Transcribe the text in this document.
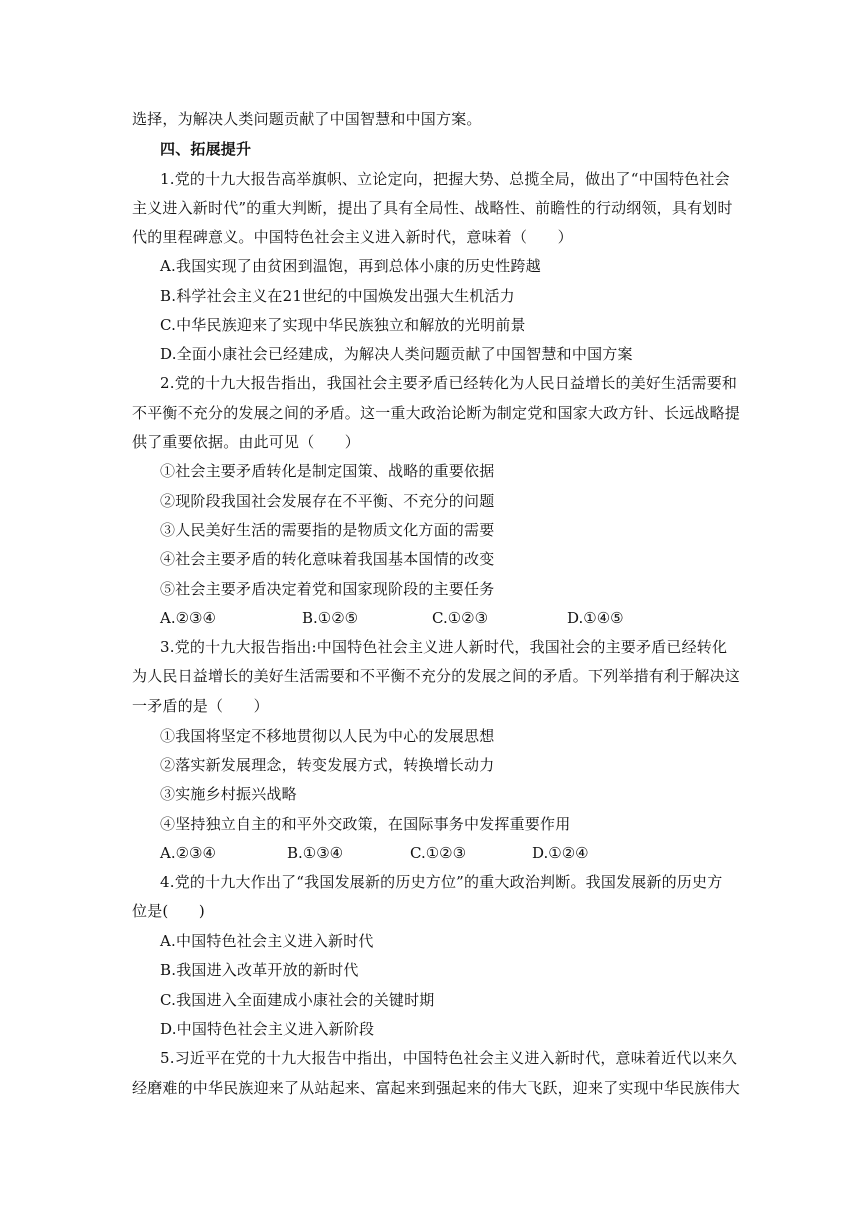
选择，为解决人类问题贡献了中国智慧和中国方案。
四、拓展提升
1.党的十九大报告高举旗帜、立论定向，把握大势、总揽全局，做出了“中国特色社会
主义进入新时代”的重大判断，提出了具有全局性、战略性、前瞻性的行动纲领，具有划时
代的里程碑意义。中国特色社会主义进入新时代，意味着（　　）
A.我国实现了由贫困到温饱，再到总体小康的历史性跨越
B.科学社会主义在21世纪的中国焕发出强大生机活力
C.中华民族迎来了实现中华民族独立和解放的光明前景
D.全面小康社会已经建成，为解决人类问题贡献了中国智慧和中国方案
2.党的十九大报告指出，我国社会主要矛盾已经转化为人民日益增长的美好生活需要和
不平衡不充分的发展之间的矛盾。这一重大政治论断为制定党和国家大政方针、长远战略提
供了重要依据。由此可见（　　）
①社会主要矛盾转化是制定国策、战略的重要依据
②现阶段我国社会发展存在不平衡、不充分的问题
③人民美好生活的需要指的是物质文化方面的需要
④社会主要矛盾的转化意味着我国基本国情的改变
⑤社会主要矛盾决定着党和国家现阶段的主要任务
A.②③④	B.①②⑤	C.①②③	D.①④⑤
3.党的十九大报告指出:中国特色社会主义进人新时代，我国社会的主要矛盾已经转化
为人民日益增长的美好生活需要和不平衡不充分的发展之间的矛盾。下列举措有利于解决这
一矛盾的是（　　）
①我国将坚定不移地贯彻以人民为中心的发展思想
②落实新发展理念，转变发展方式，转换增长动力
③实施乡村振兴战略
④坚持独立自主的和平外交政策，在国际事务中发挥重要作用
A.②③④	B.①③④	C.①②③	D.①②④
4.党的十九大作出了“我国发展新的历史方位”的重大政治判断。我国发展新的历史方
位是(　　)
A.中国特色社会主义进入新时代
B.我国进入改革开放的新时代
C.我国进入全面建成小康社会的关键时期
D.中国特色社会主义进入新阶段
5.习近平在党的十九大报告中指出，中国特色社会主义进入新时代，意味着近代以来久
经磨难的中华民族迎来了从站起来、富起来到强起来的伟大飞跃，迎来了实现中华民族伟大
